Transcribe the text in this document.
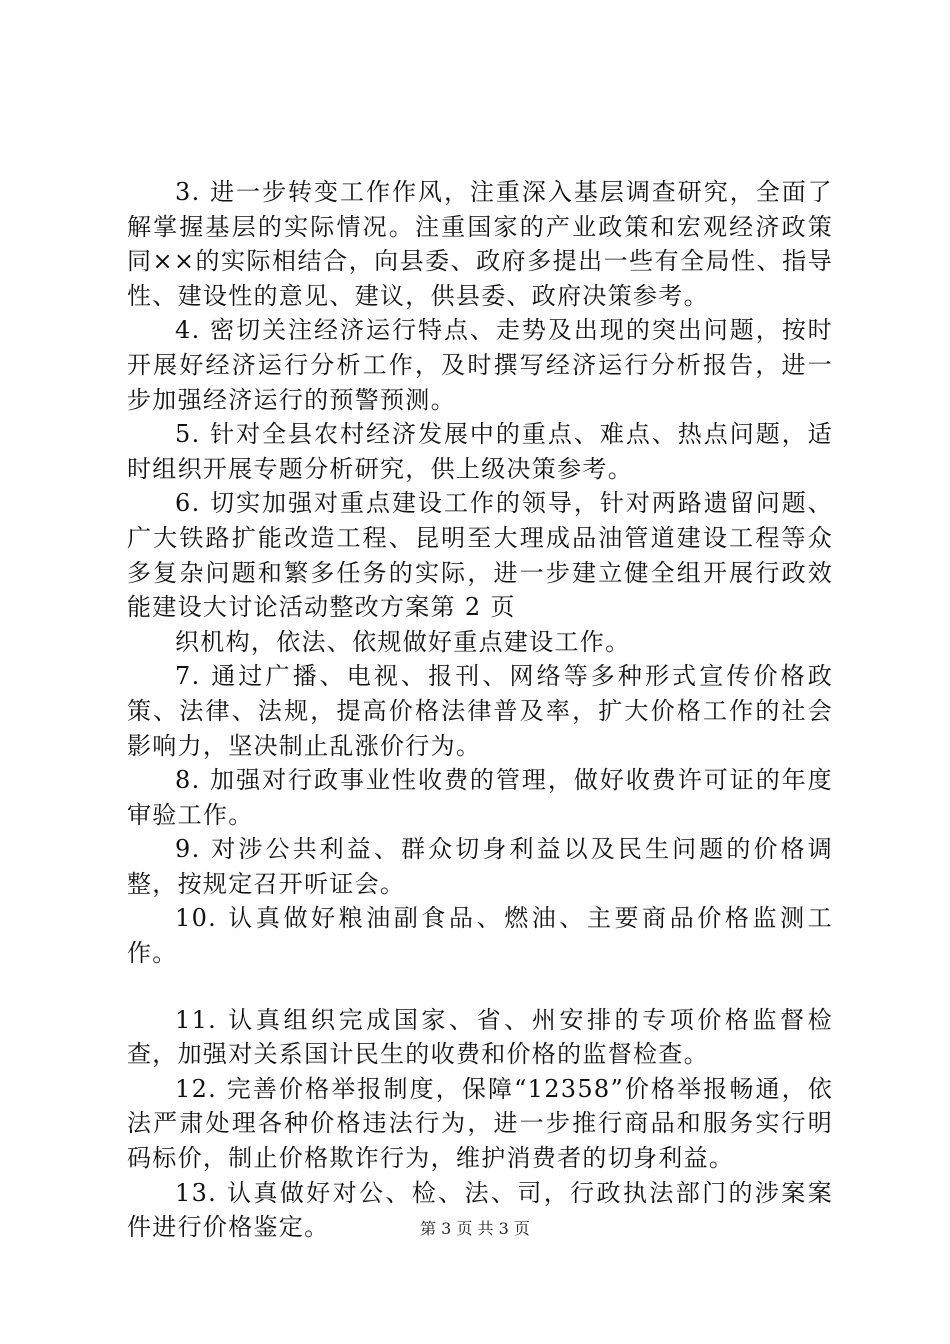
3. 进一步转变工作作风，注重深入基层调查研究，全面了解掌握基层的实际情况。注重国家的产业政策和宏观经济政策同××的实际相结合，向县委、政府多提出一些有全局性、指导性、建设性的意见、建议，供县委、政府决策参考。

4. 密切关注经济运行特点、走势及出现的突出问题，按时开展好经济运行分析工作，及时撰写经济运行分析报告，进一步加强经济运行的预警预测。

5. 针对全县农村经济发展中的重点、难点、热点问题，适时组织开展专题分析研究，供上级决策参考。

6. 切实加强对重点建设工作的领导，针对两路遗留问题、广大铁路扩能改造工程、昆明至大理成品油管道建设工程等众多复杂问题和繁多任务的实际，进一步建立健全组开展行政效能建设大讨论活动整改方案第 2 页

织机构，依法、依规做好重点建设工作。

7. 通过广播、电视、报刊、网络等多种形式宣传价格政策、法律、法规，提高价格法律普及率，扩大价格工作的社会影响力，坚决制止乱涨价行为。

8. 加强对行政事业性收费的管理，做好收费许可证的年度审验工作。

9. 对涉公共利益、群众切身利益以及民生问题的价格调整，按规定召开听证会。

10. 认真做好粮油副食品、燃油、主要商品价格监测工作。

11. 认真组织完成国家、省、州安排的专项价格监督检查，加强对关系国计民生的收费和价格的监督检查。

12. 完善价格举报制度，保障“12358”价格举报畅通，依法严肃处理各种价格违法行为，进一步推行商品和服务实行明码标价，制止价格欺诈行为，维护消费者的切身利益。

13. 认真做好对公、检、法、司，行政执法部门的涉案案件进行价格鉴定。	第 3 页 共 3 页
